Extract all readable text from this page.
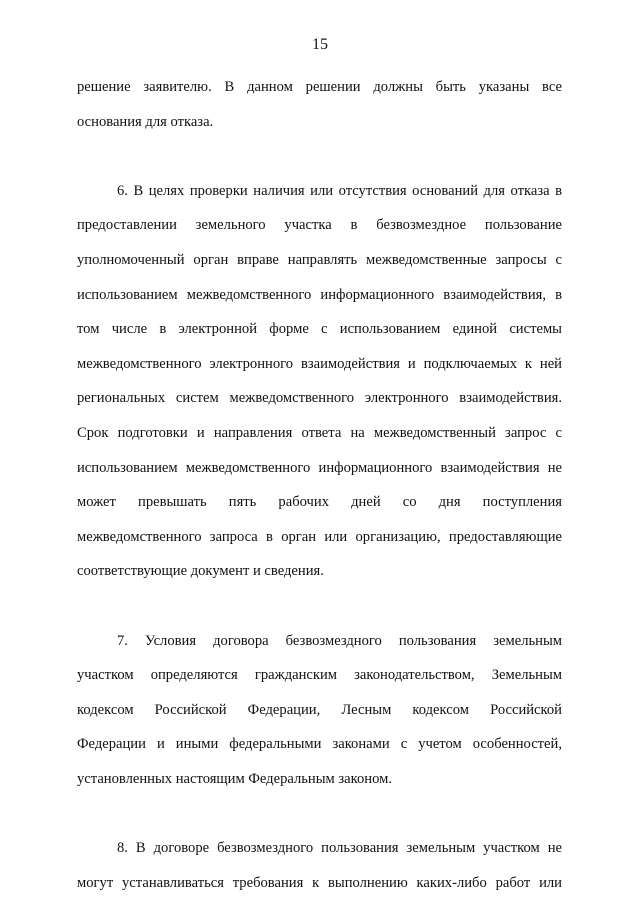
15
решение заявителю. В данном решении должны быть указаны все
основания для отказа.
6. В целях проверки наличия или отсутствия оснований для отказа в
предоставлении земельного участка в безвозмездное пользование
уполномоченный орган вправе направлять межведомственные запросы с
использованием межведомственного информационного взаимодействия, в
том числе в электронной форме с использованием единой системы
межведомственного электронного взаимодействия и подключаемых к ней
региональных систем межведомственного электронного взаимодействия.
Срок подготовки и направления ответа на межведомственный запрос с
использованием межведомственного информационного взаимодействия не
может превышать пять рабочих дней со дня поступления
межведомственного запроса в орган или организацию, предоставляющие
соответствующие документ и сведения.
7. Условия договора безвозмездного пользования земельным
участком определяются гражданским законодательством, Земельным
кодексом Российской Федерации, Лесным кодексом Российской
Федерации и иными федеральными законами с учетом особенностей,
установленных настоящим Федеральным законом.
8. В договоре безвозмездного пользования земельным участком не
могут устанавливаться требования к выполнению каких-либо работ или
